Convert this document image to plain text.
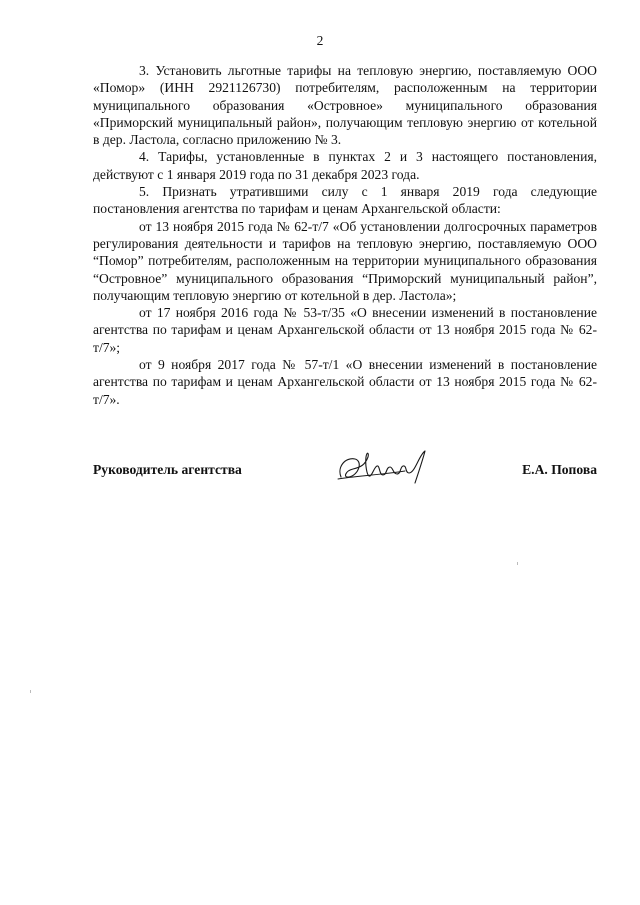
2

3. Установить льготные тарифы на тепловую энергию, поставляемую ООО «Помор» (ИНН 2921126730) потребителям, расположенным на территории муниципального образования «Островное» муниципального образования «Приморский муниципальный район», получающим тепловую энергию от котельной в дер. Ластола, согласно приложению № 3.

4. Тарифы, установленные в пунктах 2 и 3 настоящего постановления, действуют с 1 января 2019 года по 31 декабря 2023 года.

5. Признать утратившими силу с 1 января 2019 года следующие постановления агентства по тарифам и ценам Архангельской области:

от 13 ноября 2015 года № 62-т/7 «Об установлении долгосрочных параметров регулирования деятельности и тарифов на тепловую энергию, поставляемую ООО “Помор” потребителям, расположенным на территории муниципального образования “Островное” муниципального образования “Приморский муниципальный район”, получающим тепловую энергию от котельной в дер. Ластола»;

от 17 ноября 2016 года № 53-т/35 «О внесении изменений в постановление агентства по тарифам и ценам Архангельской области от 13 ноября 2015 года № 62-т/7»;

от 9 ноября 2017 года № 57-т/1 «О внесении изменений в постановление агентства по тарифам и ценам Архангельской области от 13 ноября 2015 года № 62-т/7».

Руководитель агентства	Е.А. Попова
